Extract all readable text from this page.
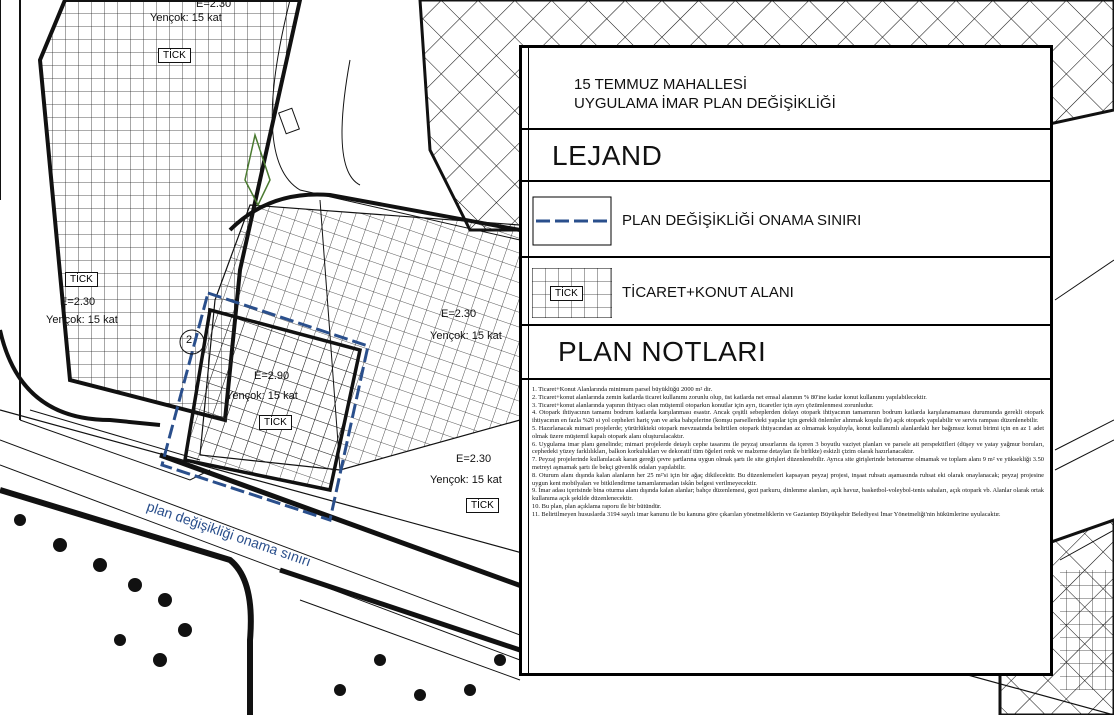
E=2.30
Yençok: 15 kat
TİCK
TİCK
E=2.30
Yençok: 15 kat	E=2.30
Yençok: 15 kat
E=2.90
Yençok: 15 kat
TİCK
E=2.30
Yençok: 15 kat
TİCK
2
plan değişikliği onama sınırı
15 TEMMUZ MAHALLESİ
UYGULAMA İMAR PLAN DEĞİŞİKLİĞİ
LEJAND
PLAN DEĞİŞİKLİĞİ ONAMA SINIRI
TİCK	TİCARET+KONUT ALANI
PLAN NOTLARI

1. Ticaret+Konut Alanlarında minimum parsel büyüklüğü 2000 m² dir.

2. Ticaret+konut alanlarında zemin katlarda ticaret kullanımı zorunlu olup, üst katlarda net emsal alanının % 80'ine kadar konut kullanımı yapılabilecektir.

3. Ticaret+konut alanlarında yapının ihtiyacı olan müştemil otoparkın konutlar için ayrı, ticaretler için ayrı çözümlenmesi zorunludur.

4. Otopark ihtiyacının tamamı bodrum katlarda karşılanması esastır. Ancak çeşitli sebeplerden dolayı otopark ihtiyacının tamamının bodrum katlarda karşılanamaması durumunda gerekli otopark ihtiyacının en fazla %20 si yol cepheleri hariç yan ve arka bahçelerine (komşu parsellerdeki yapılar için gerekli önlemler alınmak koşulu ile) açık otopark yapılabilir ve servis rampası düzenlenebilir.

5. Hazırlanacak mimari projelerde; yürürlükteki otopark mevzuatında belirtilen otopark ihtiyacından az olmamak koşuluyla, konut kullanımlı alanlardaki her bağımsız konut birimi için en az 1 adet olmak üzere müştemil kapalı otopark alanı oluşturulacaktır.

6. Uygulama imar planı genelinde; mimari projelerde detaylı cephe tasarımı ile peyzaj unsurlarını da içeren 3 boyutlu vaziyet planları ve parsele ait perspektifleri (düşey ve yatay yağmur boruları, cephedeki yüzey farklılıkları, balkon korkulukları ve dekoratif tüm öğeleri renk ve malzeme detayları ile birlikte) eskizli çizim olarak hazırlanacaktır.

7. Peyzaj projelerinde kullanılacak karan gereği çevre şartlarına uygun olmak şartı ile site girişleri düzenlenebilir. Ayrıca site girişlerinde betonarme olmamak ve toplam alanı 9 m² ve yüksekliği 3.50 metreyi aşmamak şartı ile bekçi güvenlik odaları yapılabilir.

8. Oturum alanı dışında kalan alanların her 25 m²'si için bir ağaç dikilecektir. Bu düzenlemeleri kapsayan peyzaj projesi, inşaat ruhsatı aşamasında ruhsat eki olarak onaylanacak; peyzaj projesine uygun kent mobilyaları ve bitkilendirme tamamlanmadan iskân belgesi verilmeyecektir.

9. İmar adası içerisinde bina oturma alanı dışında kalan alanlar; bahçe düzenlemesi, gezi parkuru, dinlenme alanları, açık havuz, basketbol-voleybol-tenis sahaları, açık otopark vb. Alanlar olarak ortak kullanıma açık şekilde düzenlenecektir.

10. Bu plan, plan açıklama raporu ile bir bütündür.

11. Belirtilmeyen hususlarda 3194 sayılı imar kanunu ile bu kanuna göre çıkarılan yönetmeliklerin ve Gaziantep Büyükşehir Belediyesi İmar Yönetmeliği'nin hükümlerine uyulacaktır.
